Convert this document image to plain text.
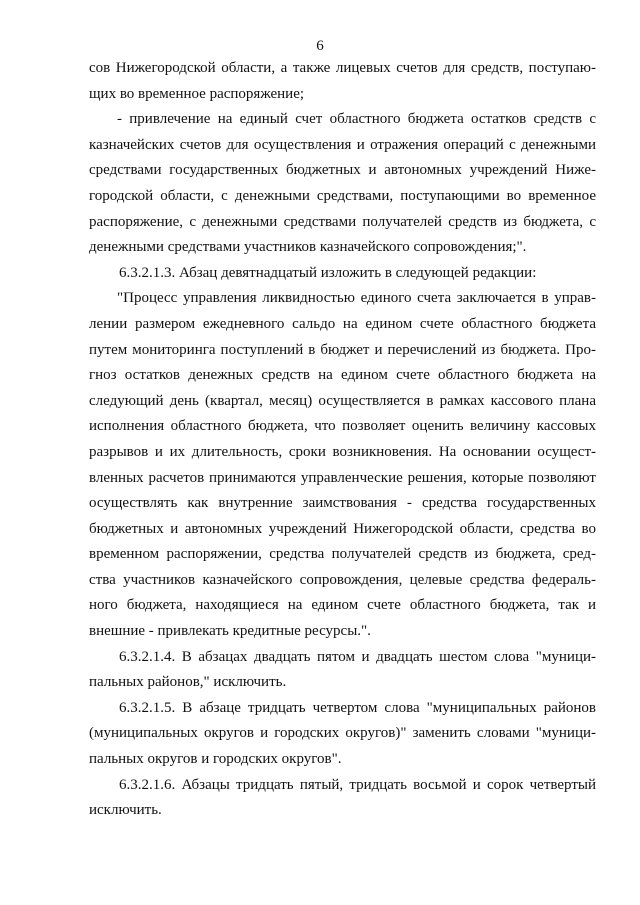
6
сов Нижегородской области, а также лицевых счетов для средств, поступаю-
щих во временное распоряжение;
- привлечение на единый счет областного бюджета остатков средств с
казначейских счетов для осуществления и отражения операций с денежными
средствами государственных бюджетных и автономных учреждений Ниже-
городской области, с денежными средствами, поступающими во временное
распоряжение, с денежными средствами получателей средств из бюджета, с
денежными средствами участников казначейского сопровождения;".
6.3.2.1.3. Абзац девятнадцатый изложить в следующей редакции:
"Процесс управления ликвидностью единого счета заключается в управ-
лении размером ежедневного сальдо на едином счете областного бюджета
путем мониторинга поступлений в бюджет и перечислений из бюджета. Про-
гноз остатков денежных средств на едином счете областного бюджета на
следующий день (квартал, месяц) осуществляется в рамках кассового плана
исполнения областного бюджета, что позволяет оценить величину кассовых
разрывов и их длительность, сроки возникновения. На основании осущест-
вленных расчетов принимаются управленческие решения, которые позволяют
осуществлять как внутренние заимствования - средства государственных
бюджетных и автономных учреждений Нижегородской области, средства во
временном распоряжении, средства получателей средств из бюджета, сред-
ства участников казначейского сопровождения, целевые средства федераль-
ного бюджета, находящиеся на едином счете областного бюджета, так и
внешние - привлекать кредитные ресурсы.".
6.3.2.1.4. В абзацах двадцать пятом и двадцать шестом слова "муници-
пальных районов," исключить.
6.3.2.1.5. В абзаце тридцать четвертом слова "муниципальных районов
(муниципальных округов и городских округов)" заменить словами "муници-
пальных округов и городских округов".
6.3.2.1.6. Абзацы тридцать пятый, тридцать восьмой и сорок четвертый
исключить.
